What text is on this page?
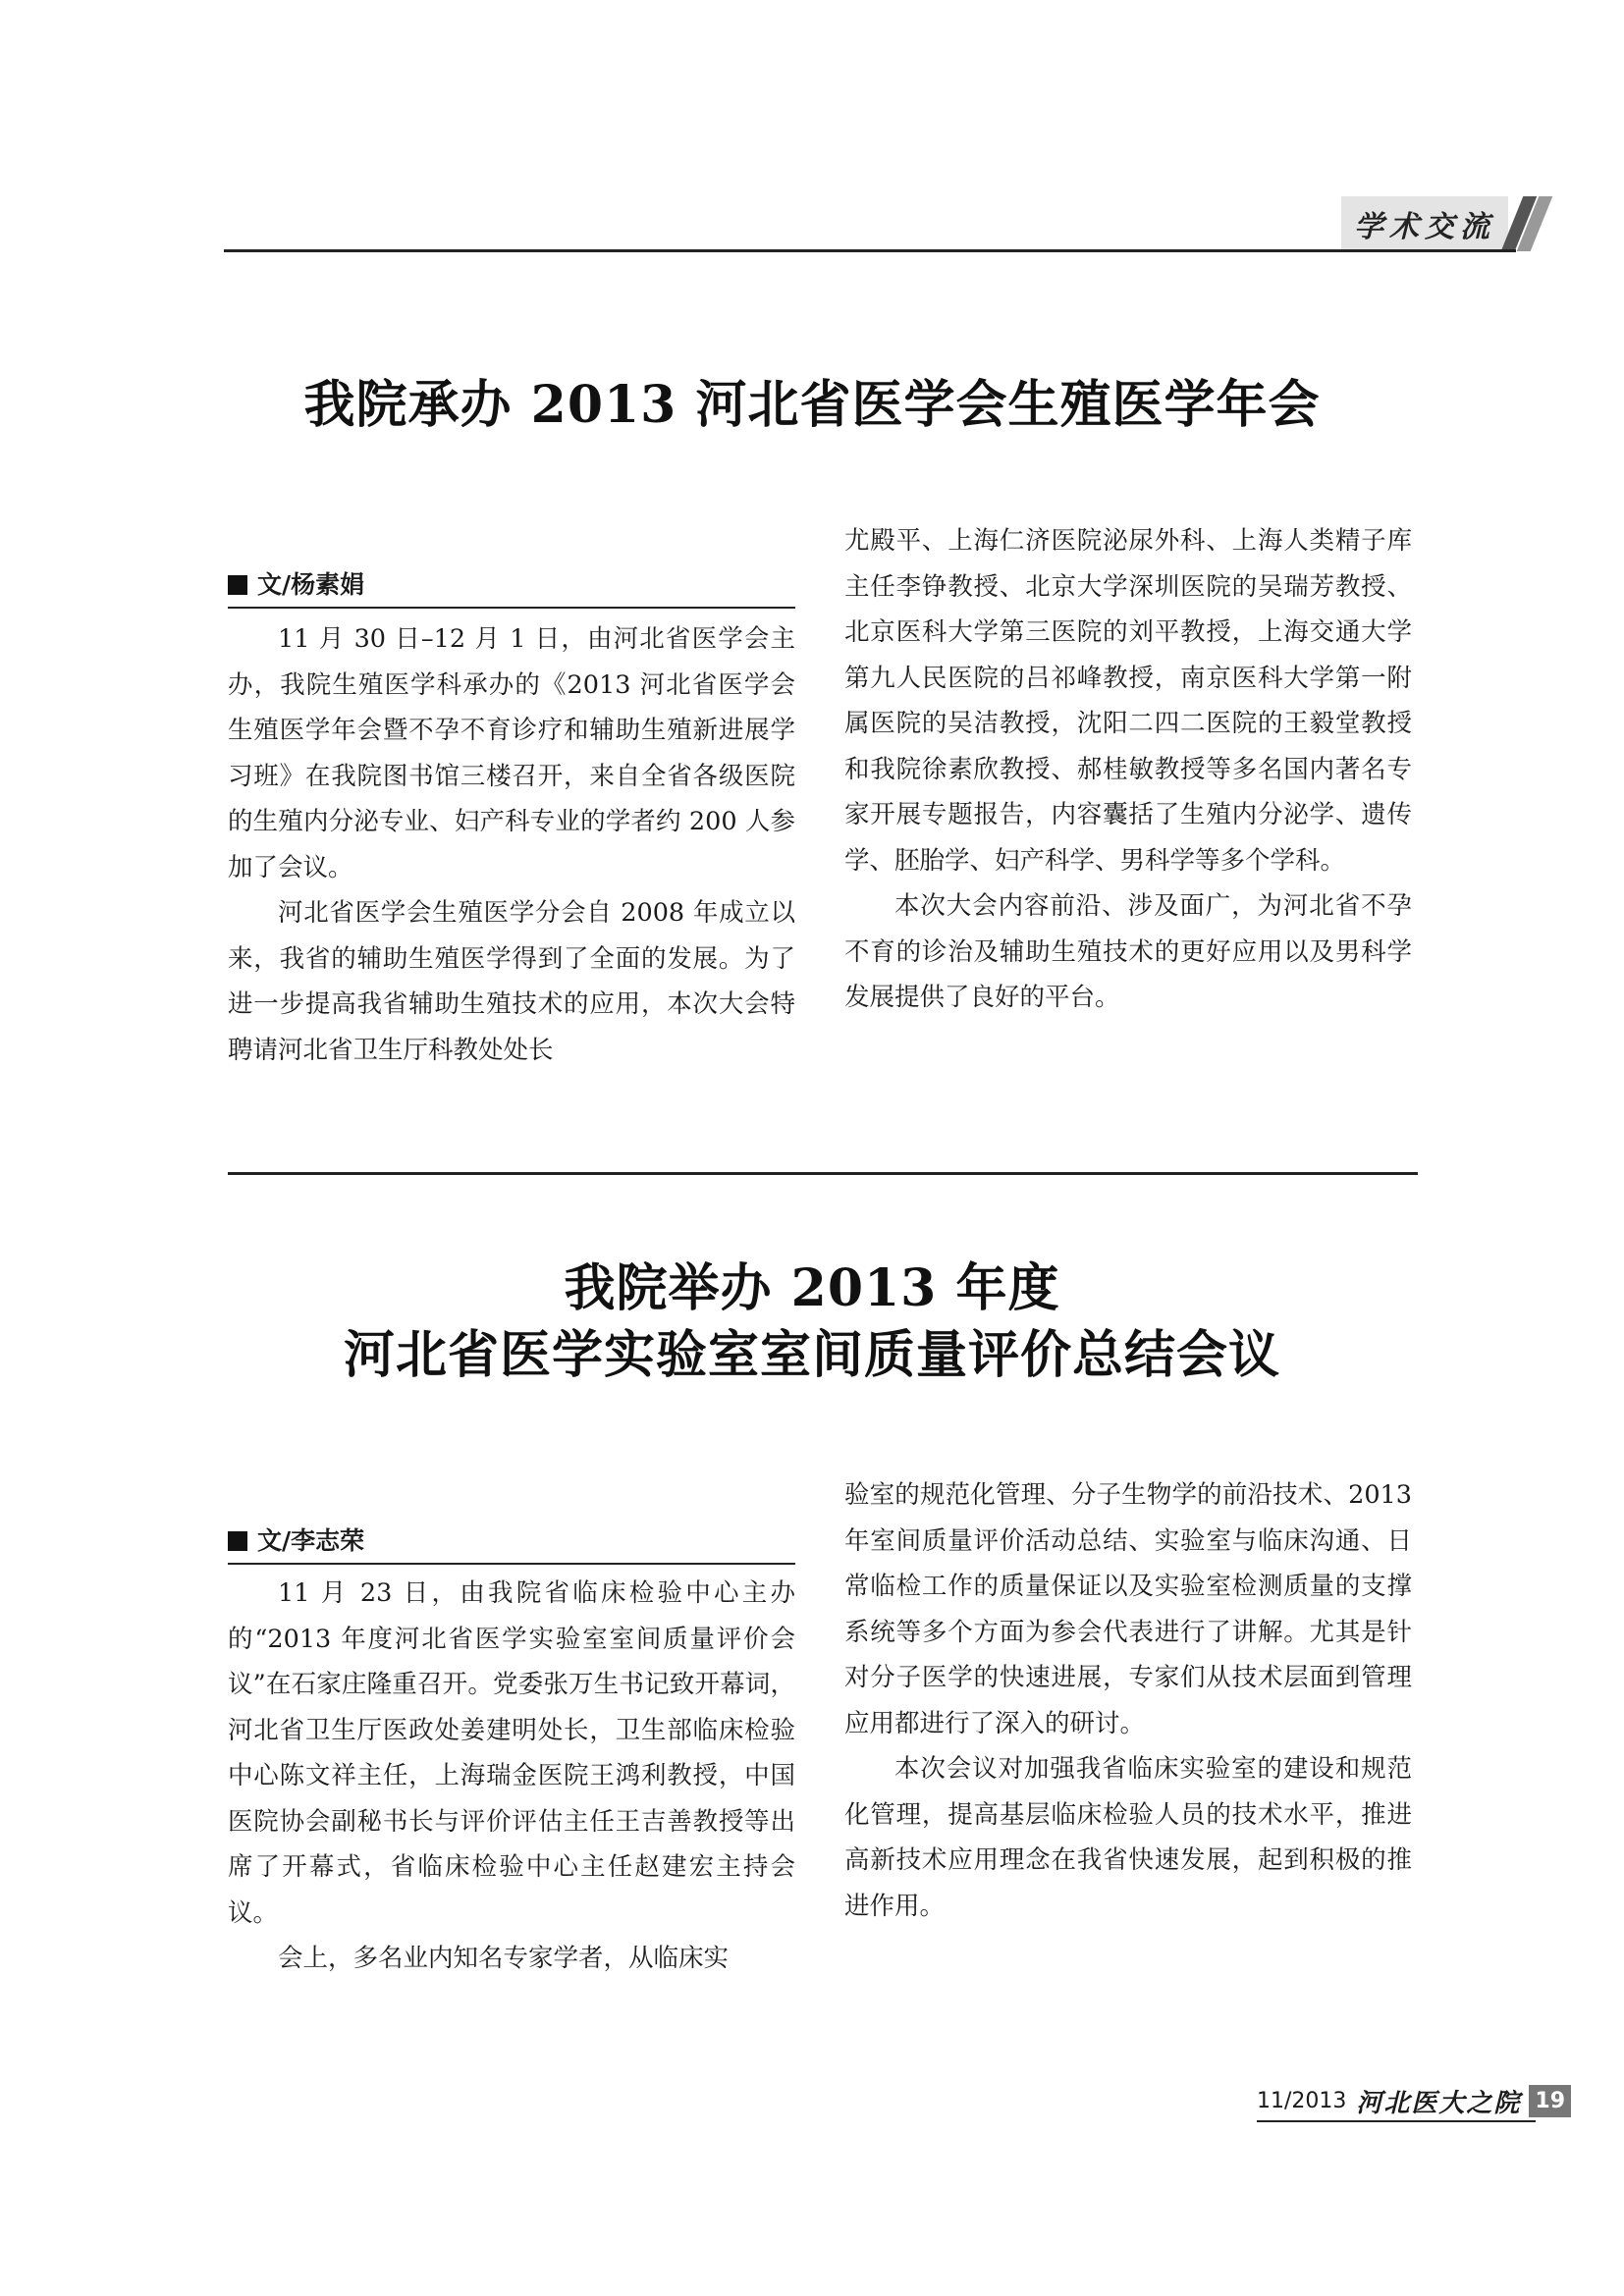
学术交流
我院承办 2013 河北省医学会生殖医学年会
文/杨素娟

11 月 30 日–12 月 1 日，由河北省医学会主办，我院生殖医学科承办的《2013 河北省医学会生殖医学年会暨不孕不育诊疗和辅助生殖新进展学习班》在我院图书馆三楼召开，来自全省各级医院的生殖内分泌专业、妇产科专业的学者约 200 人参加了会议。

河北省医学会生殖医学分会自 2008 年成立以来，我省的辅助生殖医学得到了全面的发展。为了进一步提高我省辅助生殖技术的应用，本次大会特聘请河北省卫生厅科教处处长

尤殿平、上海仁济医院泌尿外科、上海人类精子库主任李铮教授、北京大学深圳医院的吴瑞芳教授、北京医科大学第三医院的刘平教授，上海交通大学第九人民医院的吕祁峰教授，南京医科大学第一附属医院的吴洁教授，沈阳二四二医院的王毅堂教授和我院徐素欣教授、郝桂敏教授等多名国内著名专家开展专题报告，内容囊括了生殖内分泌学、遗传学、胚胎学、妇产科学、男科学等多个学科。

本次大会内容前沿、涉及面广，为河北省不孕不育的诊治及辅助生殖技术的更好应用以及男科学发展提供了良好的平台。

我院举办 2013 年度
河北省医学实验室室间质量评价总结会议
文/李志荣

11 月 23 日，由我院省临床检验中心主办的“2013 年度河北省医学实验室室间质量评价会议”在石家庄隆重召开。党委张万生书记致开幕词，河北省卫生厅医政处姜建明处长，卫生部临床检验中心陈文祥主任，上海瑞金医院王鸿利教授，中国医院协会副秘书长与评价评估主任王吉善教授等出席了开幕式，省临床检验中心主任赵建宏主持会议。

会上，多名业内知名专家学者，从临床实

验室的规范化管理、分子生物学的前沿技术、2013 年室间质量评价活动总结、实验室与临床沟通、日常临检工作的质量保证以及实验室检测质量的支撑系统等多个方面为参会代表进行了讲解。尤其是针对分子医学的快速进展，专家们从技术层面到管理应用都进行了深入的研讨。

本次会议对加强我省临床实验室的建设和规范化管理，提高基层临床检验人员的技术水平，推进高新技术应用理念在我省快速发展，起到积极的推进作用。

11/2013 河北医大之院 19
